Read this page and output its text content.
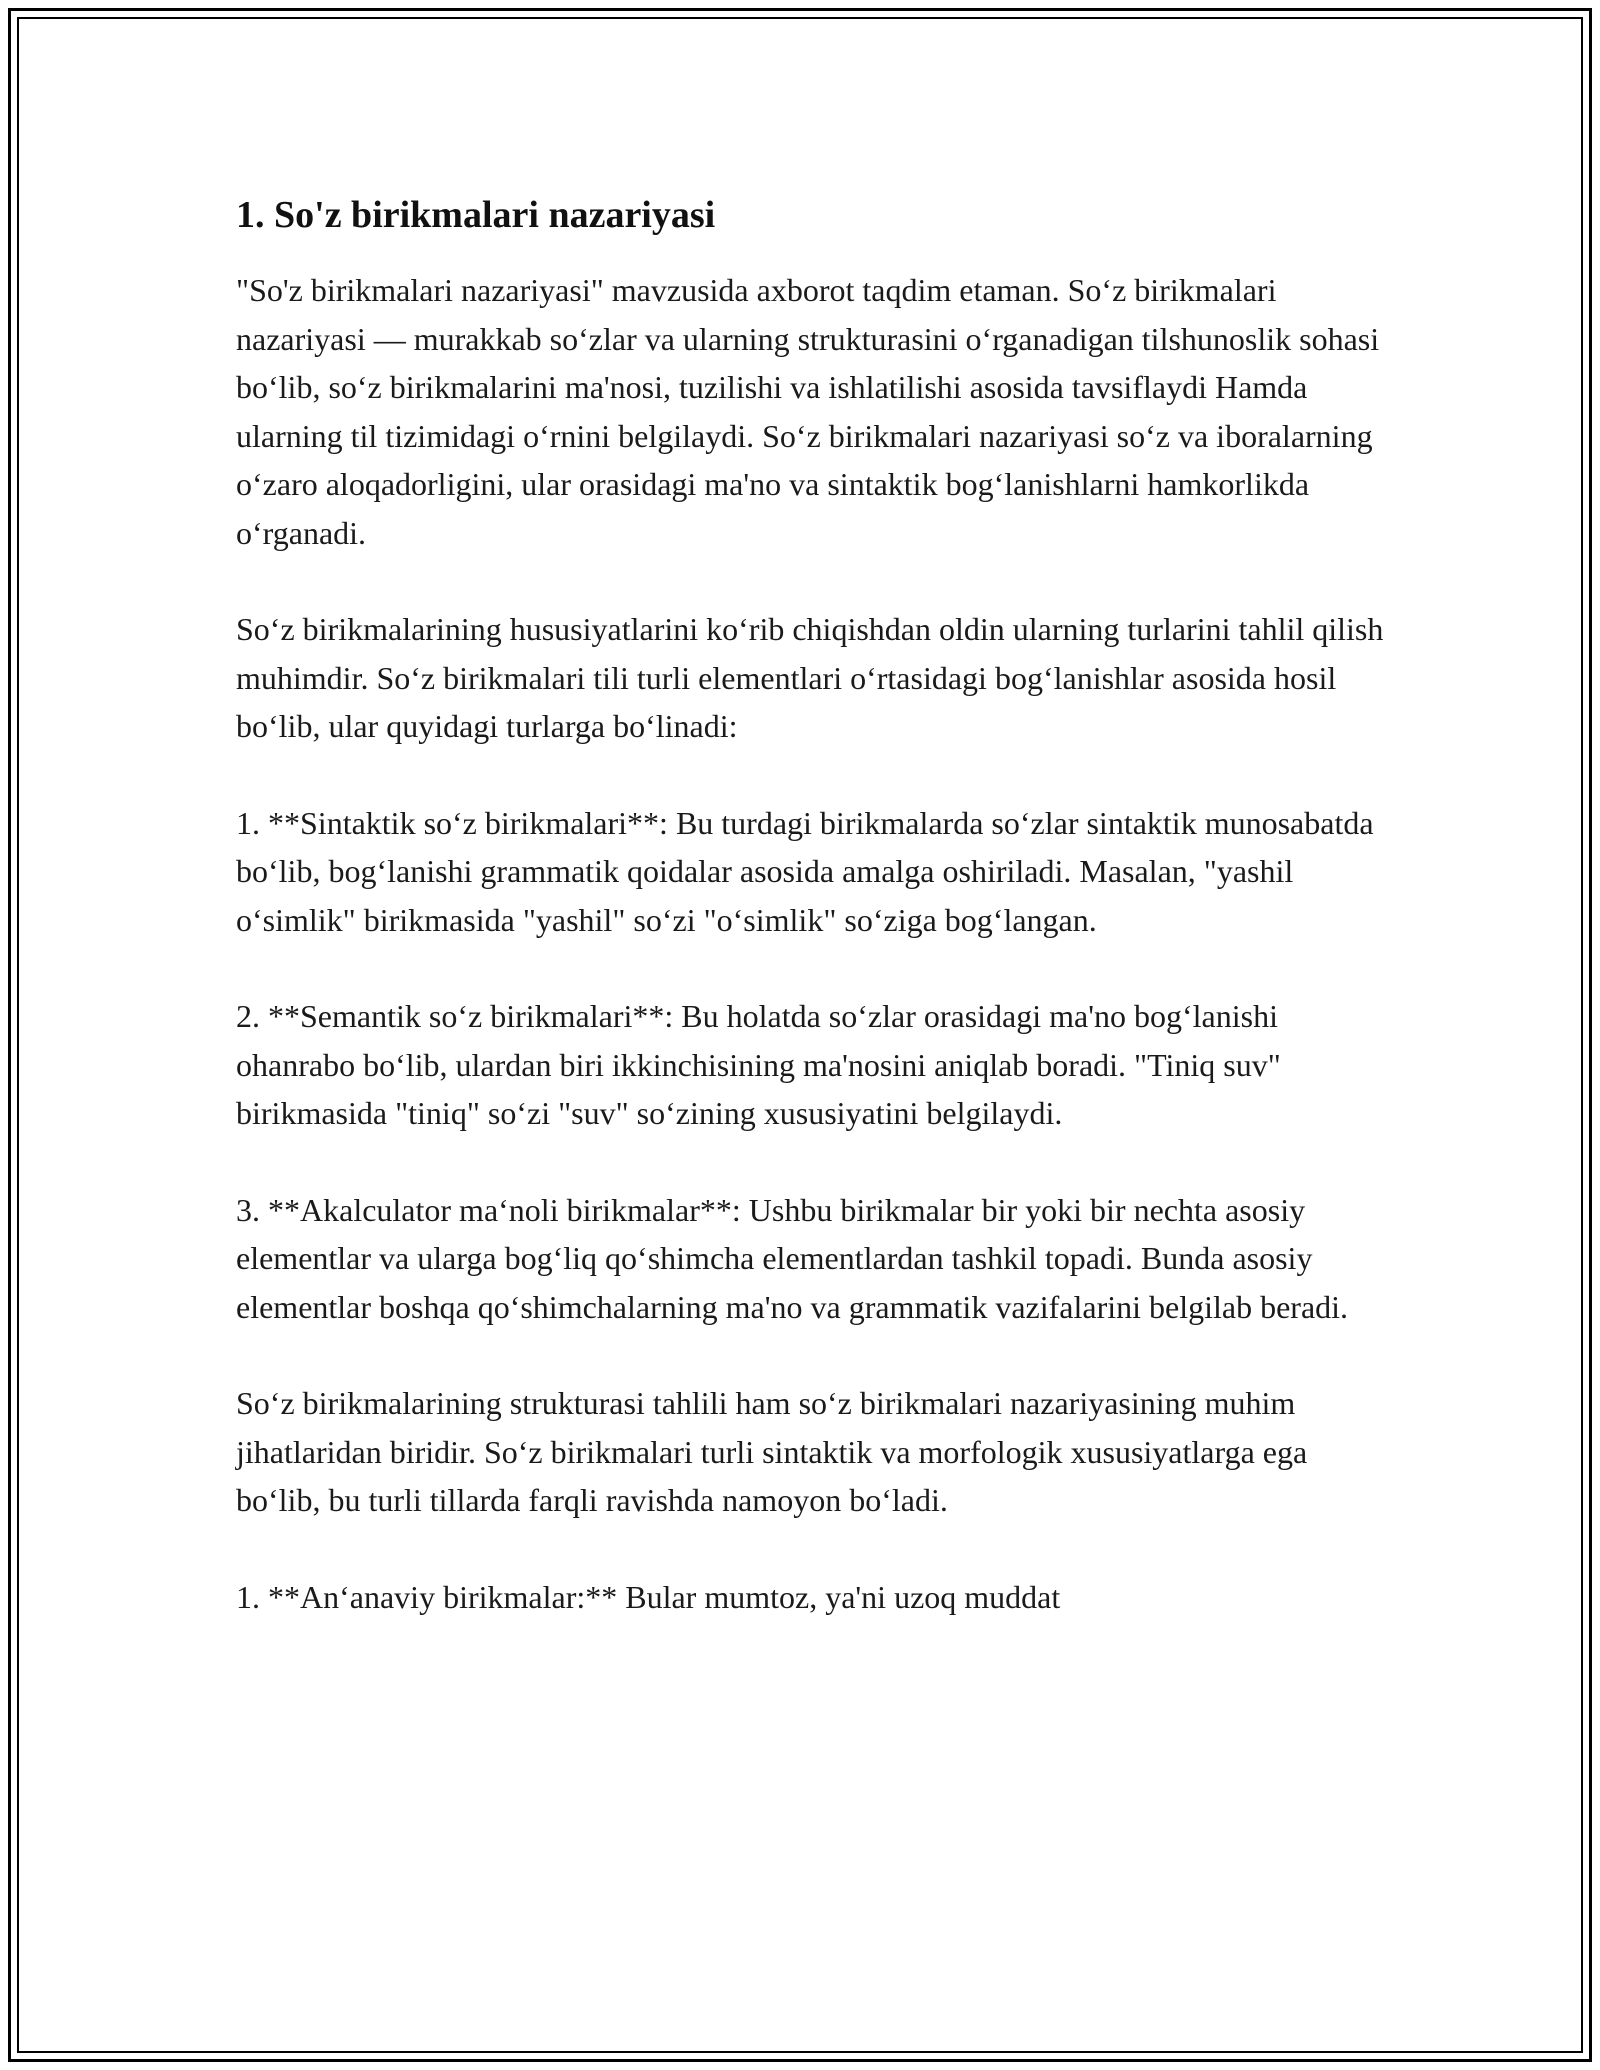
1. So'z birikmalari nazariyasi

"So'z birikmalari nazariyasi" mavzusida axborot taqdim etaman. So‘z birikmalari nazariyasi — murakkab so‘zlar va ularning strukturasini o‘rganadigan tilshunoslik sohasi bo‘lib, so‘z birikmalarini ma'nosi, tuzilishi va ishlatilishi asosida tavsiflaydi Hamda ularning til tizimidagi o‘rnini belgilaydi. So‘z birikmalari nazariyasi so‘z va iboralarning o‘zaro aloqadorligini, ular orasidagi ma'no va sintaktik bog‘lanishlarni hamkorlikda o‘rganadi.

So‘z birikmalarining hususiyatlarini ko‘rib chiqishdan oldin ularning turlarini tahlil qilish muhimdir. So‘z birikmalari tili turli elementlari o‘rtasidagi bog‘lanishlar asosida hosil bo‘lib, ular quyidagi turlarga bo‘linadi:

1. **Sintaktik so‘z birikmalari**: Bu turdagi birikmalarda so‘zlar sintaktik munosabatda bo‘lib, bog‘lanishi grammatik qoidalar asosida amalga oshiriladi. Masalan, "yashil o‘simlik" birikmasida "yashil" so‘zi "o‘simlik" so‘ziga bog‘langan.

2. **Semantik so‘z birikmalari**: Bu holatda so‘zlar orasidagi ma'no bog‘lanishi ohanrabo bo‘lib, ulardan biri ikkinchisining ma'nosini aniqlab boradi. "Tiniq suv" birikmasida "tiniq" so‘zi "suv" so‘zining xususiyatini belgilaydi.

3. **Akalculator ma‘noli birikmalar**: Ushbu birikmalar bir yoki bir nechta asosiy elementlar va ularga bog‘liq qo‘shimcha elementlardan tashkil topadi. Bunda asosiy elementlar boshqa qo‘shimchalarning ma'no va grammatik vazifalarini belgilab beradi.

So‘z birikmalarining strukturasi tahlili ham so‘z birikmalari nazariyasining muhim jihatlaridan biridir. So‘z birikmalari turli sintaktik va morfologik xususiyatlarga ega bo‘lib, bu turli tillarda farqli ravishda namoyon bo‘ladi.

1. **An‘anaviy birikmalar:** Bular mumtoz, ya'ni uzoq muddat
